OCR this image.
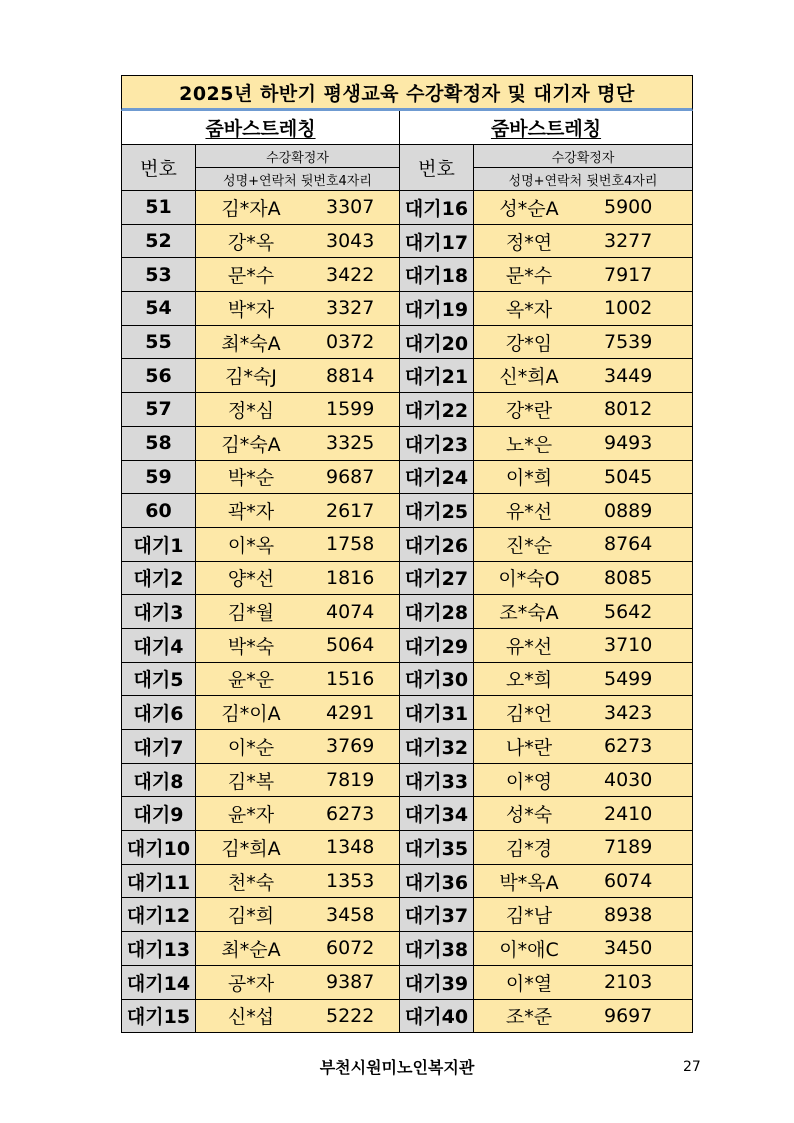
2025년 하반기 평생교육 수강확정자 및 대기자 명단
줌바스트레칭
번호	수강확정자
성명+연락처 뒷번호4자리
51	김*자A	3307
52	강*옥	3043
53	문*수	3422
54	박*자	3327
55	최*숙A	0372
56	김*숙J	8814
57	정*심	1599
58	김*숙A	3325
59	박*순	9687
60	곽*자	2617
대기1	이*옥	1758
대기2	양*선	1816
대기3	김*월	4074
대기4	박*숙	5064
대기5	윤*운	1516
대기6	김*이A	4291
대기7	이*순	3769
대기8	김*복	7819
대기9	윤*자	6273
대기10	김*희A	1348
대기11	천*숙	1353
대기12	김*희	3458
대기13	최*순A	6072
대기14	공*자	9387
대기15	신*섭	5222
줌바스트레칭
번호	수강확정자
성명+연락처 뒷번호4자리
대기16	성*순A	5900
대기17	정*연	3277
대기18	문*수	7917
대기19	옥*자	1002
대기20	강*임	7539
대기21	신*희A	3449
대기22	강*란	8012
대기23	노*은	9493
대기24	이*희	5045
대기25	유*선	0889
대기26	진*순	8764
대기27	이*숙O	8085
대기28	조*숙A	5642
대기29	유*선	3710
대기30	오*희	5499
대기31	김*언	3423
대기32	나*란	6273
대기33	이*영	4030
대기34	성*숙	2410
대기35	김*경	7189
대기36	박*옥A	6074
대기37	김*남	8938
대기38	이*애C	3450
대기39	이*열	2103
대기40	조*준	9697
부천시원미노인복지관	27
